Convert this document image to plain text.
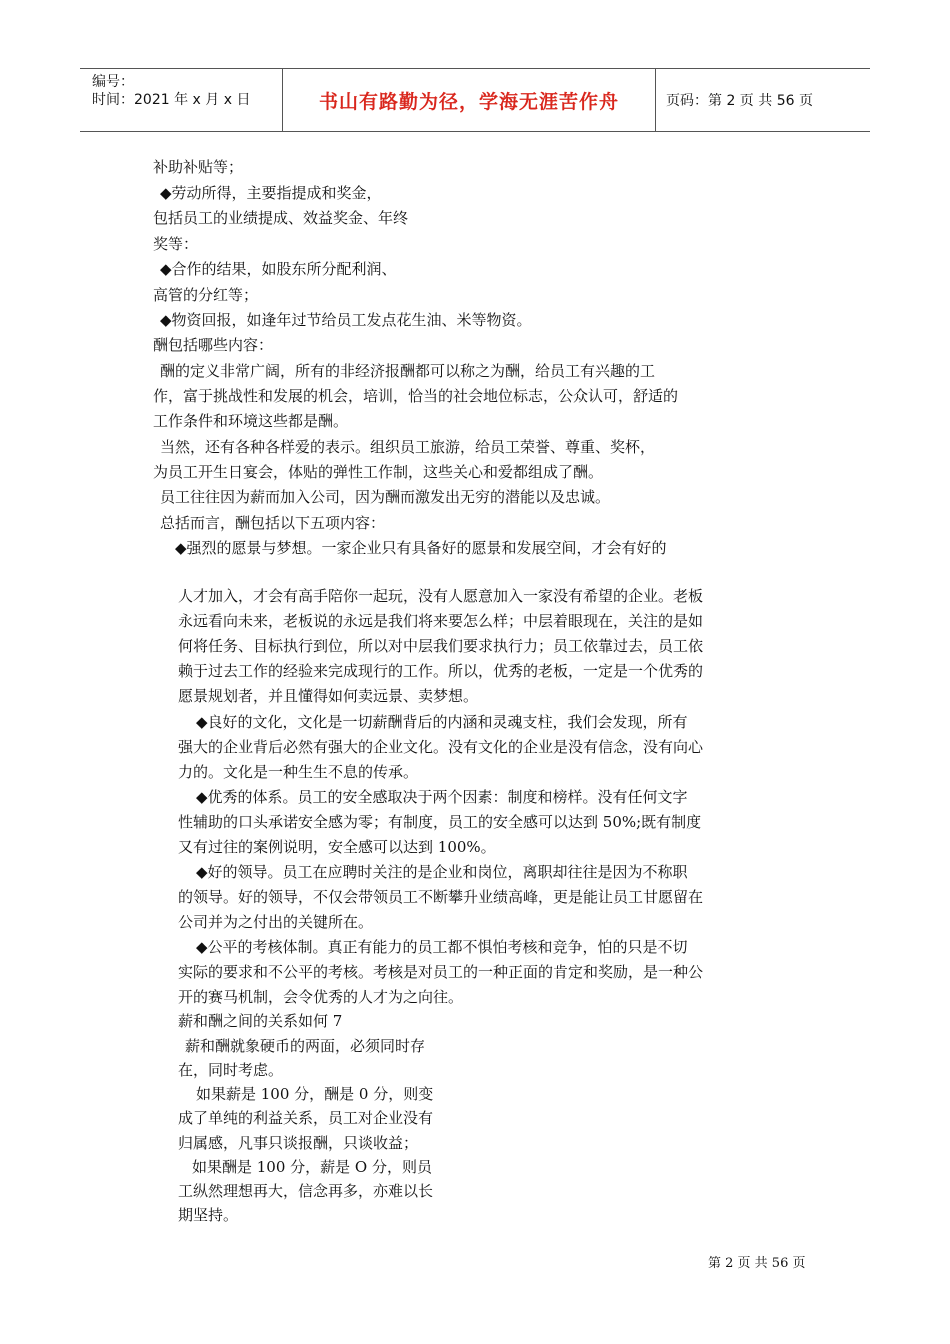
编号：
时间：2021 年 x 月 x 日	书山有路勤为径，学海无涯苦作舟	页码：第 2 页 共 56 页
补助补贴等；
◆劳动所得，主要指提成和奖金，
包括员工的业绩提成、效益奖金、年终
奖等：
◆合作的结果，如股东所分配利润、
高管的分红等；
◆物资回报，如逢年过节给员工发点花生油、米等物资。
酬包括哪些内容：
酬的定义非常广阔，所有的非经济报酬都可以称之为酬，给员工有兴趣的工
作，富于挑战性和发展的机会，培训，恰当的社会地位标志，公众认可，舒适的
工作条件和环境这些都是酬。
当然，还有各种各样爱的表示。组织员工旅游，给员工荣誉、尊重、奖杯，
为员工开生日宴会，体贴的弹性工作制，这些关心和爱都组成了酬。
员工往往因为薪而加入公司，因为酬而激发出无穷的潜能以及忠诚。
总括而言，酬包括以下五项内容：
◆强烈的愿景与梦想。一家企业只有具备好的愿景和发展空间，才会有好的
人才加入，才会有高手陪你一起玩，没有人愿意加入一家没有希望的企业。老板
永远看向未来，老板说的永远是我们将来要怎么样；中层着眼现在，关注的是如
何将任务、目标执行到位，所以对中层我们要求执行力；员工依靠过去，员工依
赖于过去工作的经验来完成现行的工作。所以，优秀的老板，一定是一个优秀的
愿景规划者，并且懂得如何卖远景、卖梦想。
◆良好的文化，文化是一切薪酬背后的内涵和灵魂支柱，我们会发现，所有
强大的企业背后必然有强大的企业文化。没有文化的企业是没有信念，没有向心
力的。文化是一种生生不息的传承。
◆优秀的体系。员工的安全感取决于两个因素：制度和榜样。没有任何文字
性辅助的口头承诺安全感为零；有制度，员工的安全感可以达到 50%;既有制度
又有过往的案例说明，安全感可以达到 100%。
◆好的领导。员工在应聘时关注的是企业和岗位，离职却往往是因为不称职
的领导。好的领导，不仅会带领员工不断攀升业绩高峰，更是能让员工甘愿留在
公司并为之付出的关键所在。
◆公平的考核体制。真正有能力的员工都不惧怕考核和竞争，怕的只是不切
实际的要求和不公平的考核。考核是对员工的一种正面的肯定和奖励，是一种公
开的赛马机制，会令优秀的人才为之向往。
薪和酬之间的关系如何 7
薪和酬就象硬币的两面，必须同时存
在，同时考虑。
如果薪是 100 分，酬是 0 分，则变
成了单纯的利益关系，员工对企业没有
归属感，凡事只谈报酬，只谈收益；
如果酬是 100 分，薪是 O 分，则员
工纵然理想再大，信念再多，亦难以长
期坚持。
第 2 页 共 56 页
